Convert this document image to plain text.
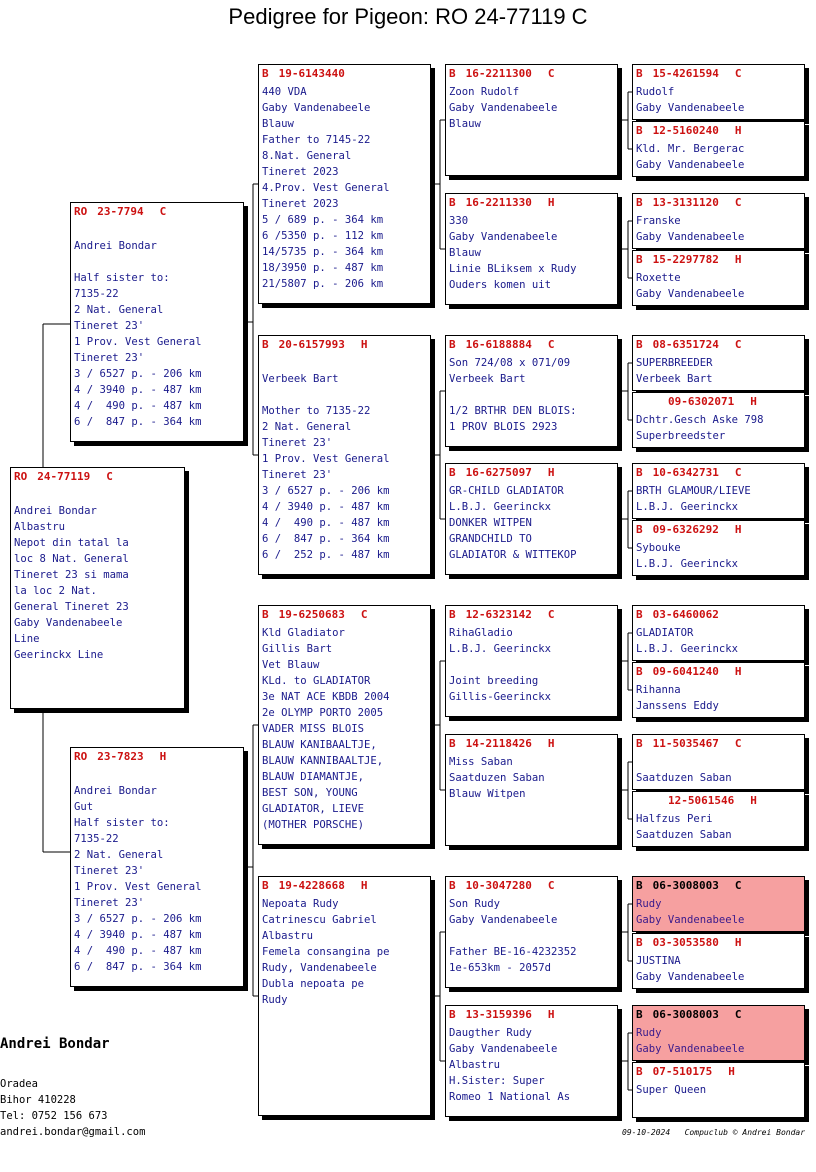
Pedigree for Pigeon: RO 24-77119 C
RO 24-77119 C

Andrei Bondar
Albastru
Nepot din tatal la
loc 8 Nat. General
Tineret 23 si mama
la loc 2 Nat.
General Tineret 23
Gaby Vandenabeele
Line
Geerinckx Line
RO 23-7794 C

Andrei Bondar

Half sister to:
7135-22
2 Nat. General
Tineret 23'
1 Prov. Vest General
Tineret 23'
3 / 6527 p. - 206 km
4 / 3940 p. - 487 km
4 /  490 p. - 487 km
6 /  847 p. - 364 km
RO 23-7823 H

Andrei Bondar
Gut
Half sister to:
7135-22
2 Nat. General
Tineret 23'
1 Prov. Vest General
Tineret 23'
3 / 6527 p. - 206 km
4 / 3940 p. - 487 km
4 /  490 p. - 487 km
6 /  847 p. - 364 km
B 19-6143440
440 VDA
Gaby Vandenabeele
Blauw
Father to 7145-22
8.Nat. General
Tineret 2023
4.Prov. Vest General
Tineret 2023
5 / 689 p. - 364 km
6 /5350 p. - 112 km
14/5735 p. - 364 km
18/3950 p. - 487 km
21/5807 p. - 206 km
B 20-6157993 H

Verbeek Bart

Mother to 7135-22
2 Nat. General
Tineret 23'
1 Prov. Vest General
Tineret 23'
3 / 6527 p. - 206 km
4 / 3940 p. - 487 km
4 /  490 p. - 487 km
6 /  847 p. - 364 km
6 /  252 p. - 487 km
B 19-6250683 C
Kld Gladiator
Gillis Bart
Vet Blauw
KLd. to GLADIATOR
3e NAT ACE KBDB 2004
2e OLYMP PORTO 2005
VADER MISS BLOIS
BLAUW KANIBAALTJE,
BLAUW KANNIBAALTJE,
BLAUW DIAMANTJE,
BEST SON, YOUNG
GLADIATOR, LIEVE
(MOTHER PORSCHE)
B 19-4228668 H
Nepoata Rudy
Catrinescu Gabriel
Albastru
Femela consangina pe
Rudy, Vandenabeele
Dubla nepoata pe
Rudy
B 16-2211300 C
Zoon Rudolf
Gaby Vandenabeele
Blauw
B 16-2211330 H
330
Gaby Vandenabeele
Blauw
Linie BLiksem x Rudy
Ouders komen uit
B 16-6188884 C
Son 724/08 x 071/09
Verbeek Bart

1/2 BRTHR DEN BLOIS:
1 PROV BLOIS 2923
B 16-6275097 H
GR-CHILD GLADIATOR
L.B.J. Geerinckx
DONKER WITPEN
GRANDCHILD TO
GLADIATOR & WITTEKOP
B 12-6323142 C
RihaGladio
L.B.J. Geerinckx

Joint breeding
Gillis-Geerinckx
B 14-2118426 H
Miss Saban
Saatduzen Saban
Blauw Witpen
B 10-3047280 C
Son Rudy
Gaby Vandenabeele

Father BE-16-4232352
1e-653km - 2057d
B 13-3159396 H
Daugther Rudy
Gaby Vandenabeele
Albastru
H.Sister: Super
Romeo 1 National As
B 15-4261594 C
Rudolf
Gaby Vandenabeele
B 12-5160240 H
Kld. Mr. Bergerac
Gaby Vandenabeele
B 13-3131120 C
Franske
Gaby Vandenabeele
B 15-2297782 H
Roxette
Gaby Vandenabeele
B 08-6351724 C
SUPERBREEDER
Verbeek Bart
09-6302071 H
Dchtr.Gesch Aske 798
Superbreedster
B 10-6342731 C
BRTH GLAMOUR/LIEVE
L.B.J. Geerinckx
B 09-6326292 H
Sybouke
L.B.J. Geerinckx
B 03-6460062
GLADIATOR
L.B.J. Geerinckx
B 09-6041240 H
Rihanna
Janssens Eddy
B 11-5035467 C

Saatduzen Saban
12-5061546 H
Halfzus Peri
Saatduzen Saban
B 06-3008003 C
Rudy
Gaby Vandenabeele
B 03-3053580 H
JUSTINA
Gaby Vandenabeele
B 06-3008003 C
Rudy
Gaby Vandenabeele
B 07-510175 H
Super Queen
Andrei Bondar
Oradea
Bihor 410228
Tel: 0752 156 673
andrei.bondar@gmail.com	09-10-2024   Compuclub © Andrei Bondar
